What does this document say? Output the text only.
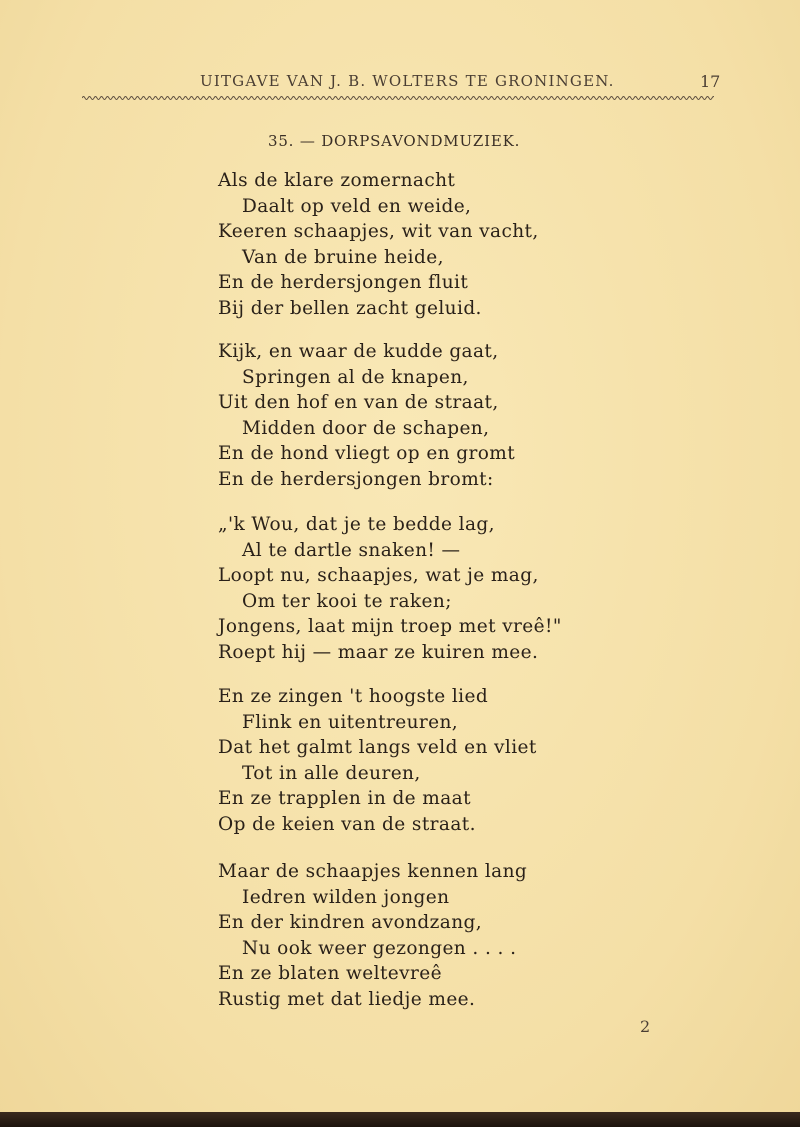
UITGAVE VAN J. B. WOLTERS TE GRONINGEN.	17
35. — DORPSAVONDMUZIEK.
Als de klare zomernacht
Daalt op veld en weide,
Keeren schaapjes, wit van vacht,
Van de bruine heide,
En de herdersjongen fluit
Bij der bellen zacht geluid.
Kijk, en waar de kudde gaat,
Springen al de knapen,
Uit den hof en van de straat,
Midden door de schapen,
En de hond vliegt op en gromt
En de herdersjongen bromt:
„'k Wou, dat je te bedde lag,
Al te dartle snaken! —
Loopt nu, schaapjes, wat je mag,
Om ter kooi te raken;
Jongens, laat mijn troep met vreê!"
Roept hij — maar ze kuiren mee.
En ze zingen 't hoogste lied
Flink en uitentreuren,
Dat het galmt langs veld en vliet
Tot in alle deuren,
En ze trapplen in de maat
Op de keien van de straat.
Maar de schaapjes kennen lang
Iedren wilden jongen
En der kindren avondzang,
Nu ook weer gezongen . . . .
En ze blaten weltevreê
Rustig met dat liedje mee.
2
